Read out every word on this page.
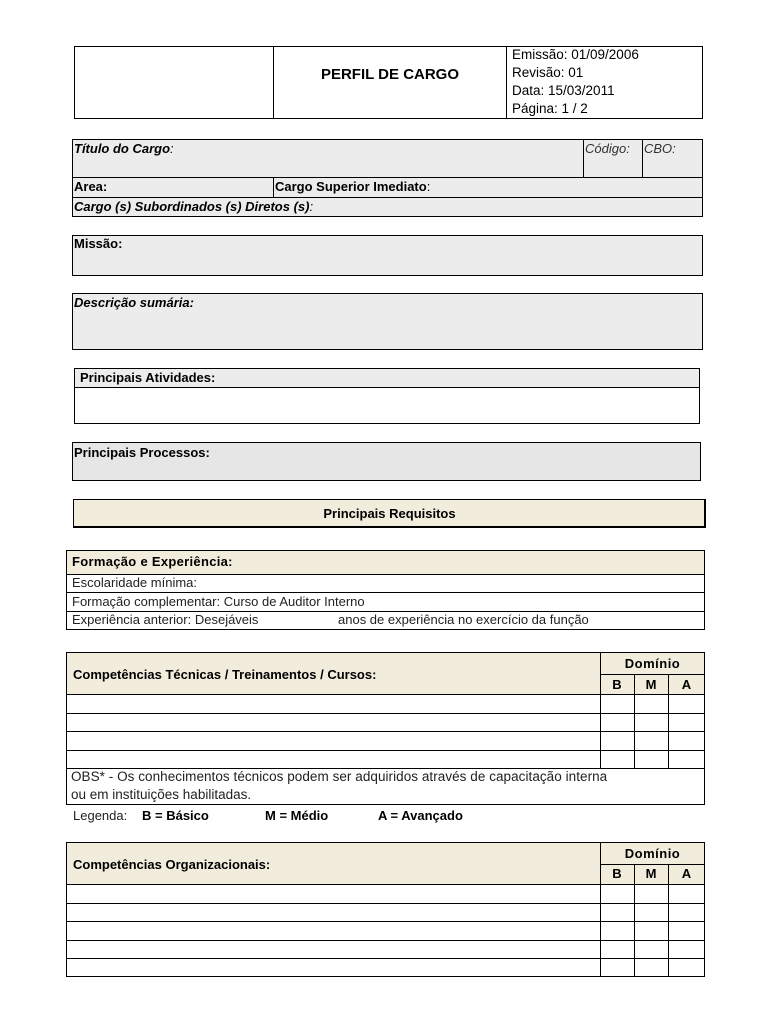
PERFIL DE CARGO
Emissão: 01/09/2006
Revisão: 01
Data: 15/03/2011
Página: 1 / 2
Título do Cargo:	Código: CBO:
Area:	Cargo Superior Imediato:
Cargo (s) Subordinados (s) Diretos (s):
Missão:
Descrição sumária:
Principais Atividades:
Principais Processos:
Principais Requisitos
Formação e Experiência:
Escolaridade mínima:
Formação complementar: Curso de Auditor Interno
Experiência anterior: Desejáveis	anos de experiência no exercício da função
Competências Técnicas / Treinamentos / Cursos:
Domínio
B	M	A
OBS* - Os conhecimentos técnicos podem ser adquiridos através de capacitação interna
ou em instituições habilitadas.
Legenda: B = Básico	M = Médio	A = Avançado
Competências Organizacionais:
Domínio
B	M	A
